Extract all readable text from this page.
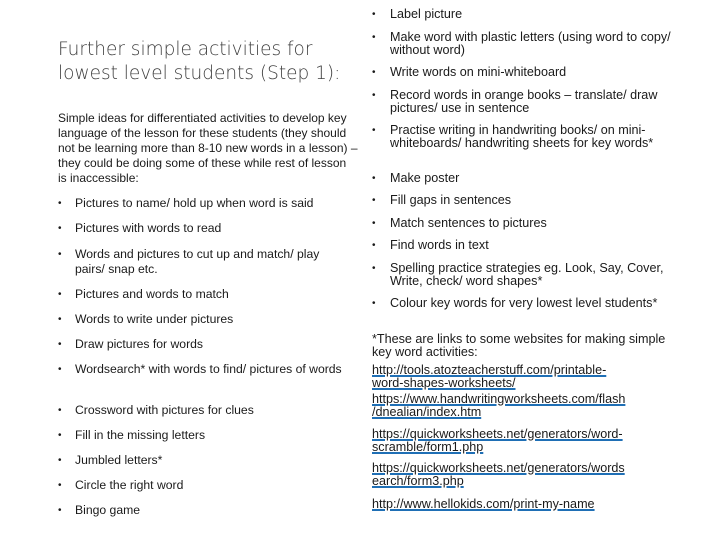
Further simple activities for
lowest level students (Step 1):
Simple ideas for differentiated activities to develop key language of the lesson for these students (they should not be learning more than 8-10 new words in a lesson) – they could be doing some of these while rest of lesson is inaccessible:
• Pictures to name/ hold up when word is said
• Pictures with words to read
• Words and pictures to cut up and match/ play pairs/ snap etc.
• Pictures and words to match
• Words to write under pictures
• Draw pictures for words
• Wordsearch* with words to find/ pictures of words
• Crossword with pictures for clues
• Fill in the missing letters
• Jumbled letters*
• Circle the right word
• Bingo game
• Label picture
• Make word with plastic letters (using word to copy/ without word)
• Write words on mini-whiteboard
• Record words in orange books – translate/ draw pictures/ use in sentence
• Practise writing in handwriting books/ on mini-whiteboards/ handwriting sheets for key words*
• Make poster
• Fill gaps in sentences
• Match sentences to pictures
• Find words in text
• Spelling practice strategies eg. Look, Say, Cover, Write, check/ word shapes*
• Colour key words for very lowest level students*
*These are links to some websites for making simple key word activities:
http://tools.atozteacherstuff.com/printable-
word-shapes-worksheets/
https://www.handwritingworksheets.com/flash
/dnealian/index.htm
https://quickworksheets.net/generators/word-
scramble/form1.php
https://quickworksheets.net/generators/words
earch/form3.php
http://www.hellokids.com/print-my-name
